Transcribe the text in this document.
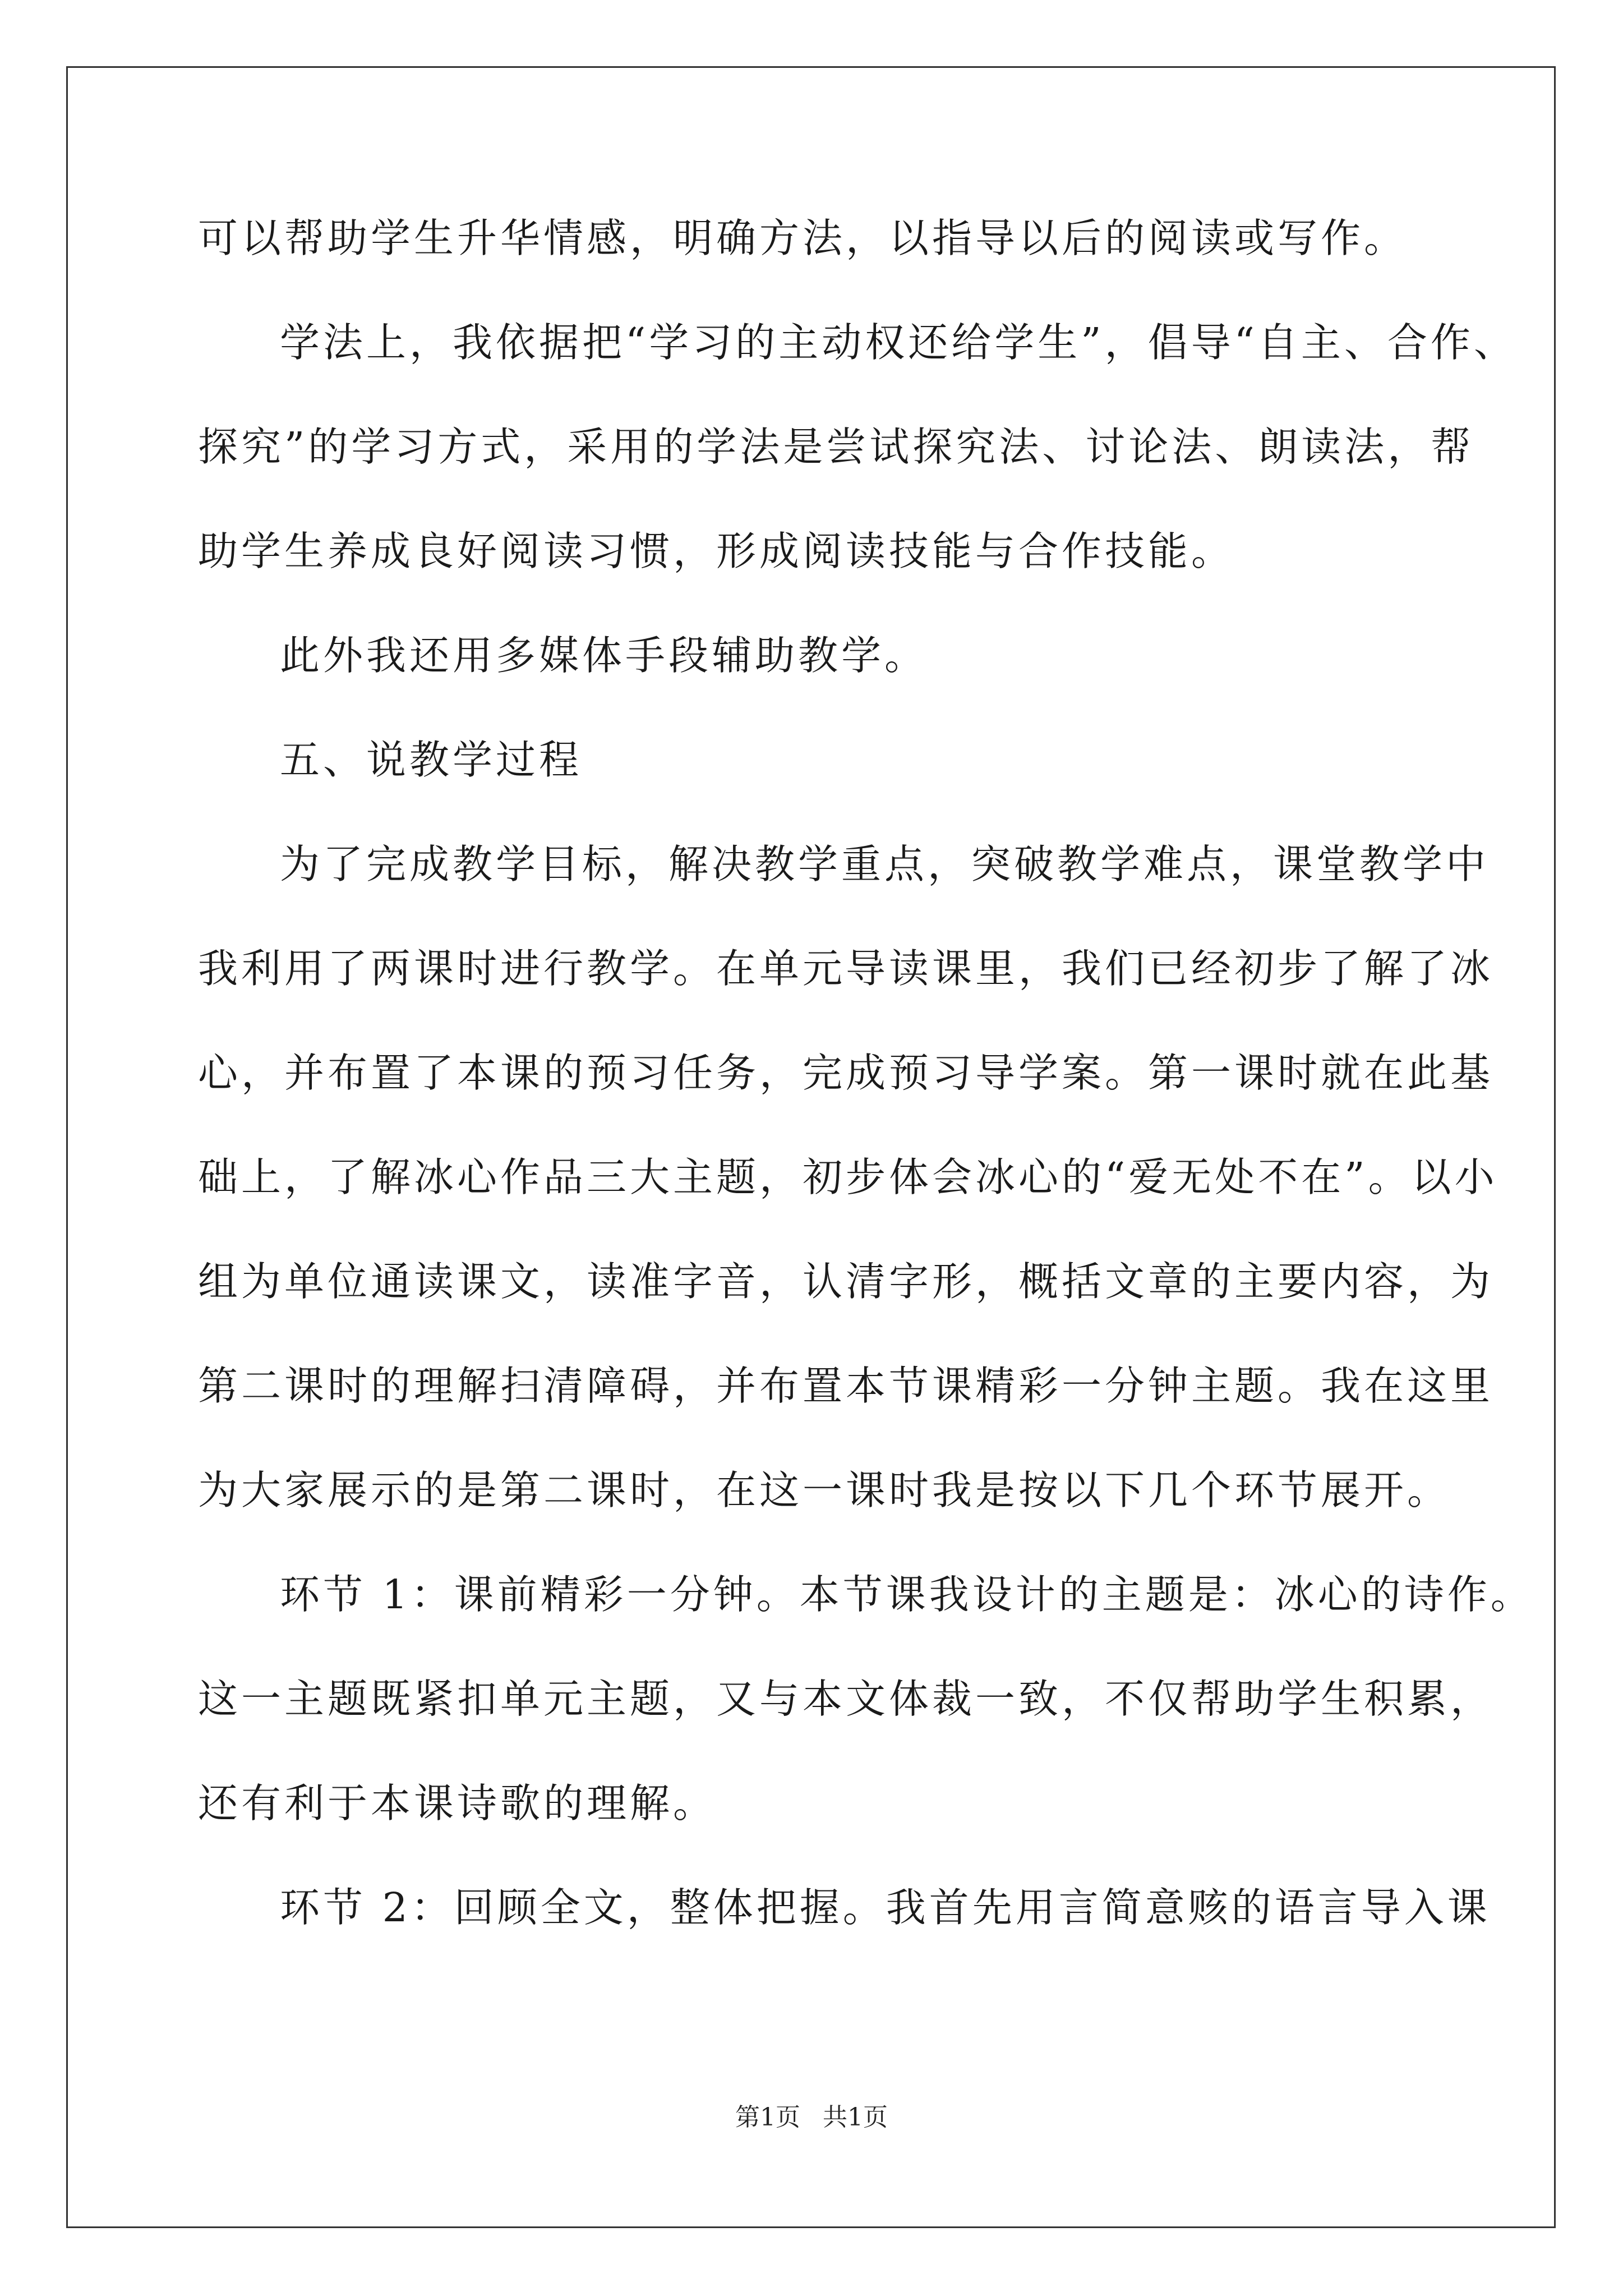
可以帮助学生升华情感，明确方法，以指导以后的阅读或写作。
学法上，我依据把“学习的主动权还给学生”，倡导“自主、合作、
探究”的学习方式，采用的学法是尝试探究法、讨论法、朗读法，帮
助学生养成良好阅读习惯，形成阅读技能与合作技能。
此外我还用多媒体手段辅助教学。
五、说教学过程
为了完成教学目标，解决教学重点，突破教学难点，课堂教学中
我利用了两课时进行教学。在单元导读课里，我们已经初步了解了冰
心，并布置了本课的预习任务，完成预习导学案。第一课时就在此基
础上，了解冰心作品三大主题，初步体会冰心的“爱无处不在”。以小
组为单位通读课文，读准字音，认清字形，概括文章的主要内容，为
第二课时的理解扫清障碍，并布置本节课精彩一分钟主题。我在这里
为大家展示的是第二课时，在这一课时我是按以下几个环节展开。
环节 1：课前精彩一分钟。本节课我设计的主题是：冰心的诗作。
这一主题既紧扣单元主题，又与本文体裁一致，不仅帮助学生积累，
还有利于本课诗歌的理解。
环节 2：回顾全文，整体把握。我首先用言简意赅的语言导入课
第1页 共1页
